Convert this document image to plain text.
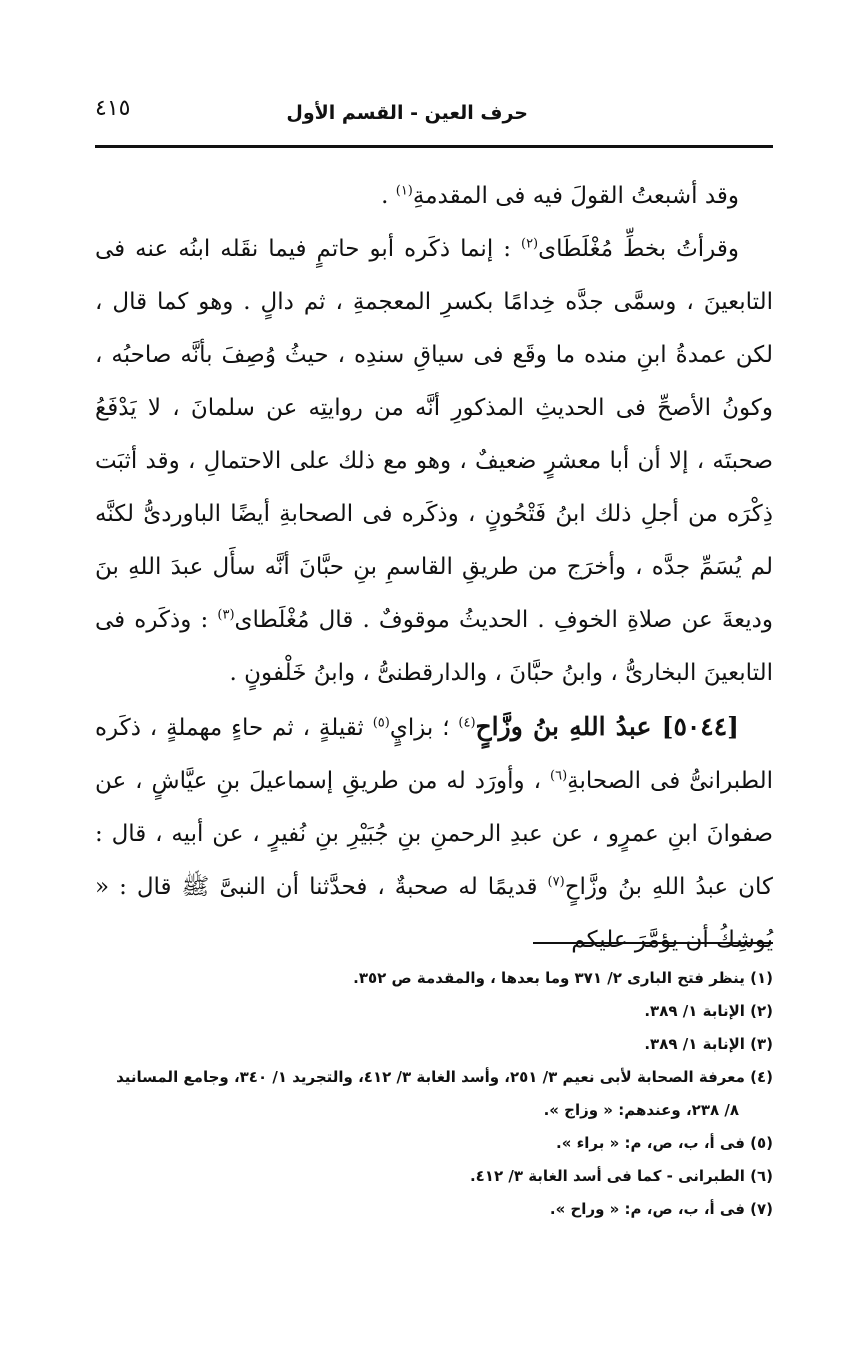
حرف العين - القسم الأول
٤١٥

وقد أشبعتُ القولَ فيه فى المقدمةِ$^{(١)}$ .

وقرأتُ بخطِّ مُغْلَطَاى$^{(٢)}$ : إنما ذكَره أبو حاتمٍ فيما نقَله ابنُه عنه فى التابعينَ ، وسمَّى جدَّه خِدامًا بكسرِ المعجمةِ ، ثم دالٍ . وهو كما قال ، لكن عمدةُ ابنِ منده ما وقَع فى سياقِ سندِه ، حيثُ وُصِفَ بأنَّه صاحبُه ، وكونُ الأصحِّ فى الحديثِ المذكورِ أنَّه من روايتِه عن سلمانَ ، لا يَدْفَعُ صحبتَه ، إلا أن أبا معشرٍ ضعيفٌ ، وهو مع ذلك على الاحتمالِ ، وقد أثبَت ذِكْرَه من أجلِ ذلك ابنُ فَتْحُونٍ ، وذكَره فى الصحابةِ أيضًا الباوردىُّ لكنَّه لم يُسَمِّ جدَّه ، وأخرَج من طريقِ القاسمِ بنِ حبَّانَ أنَّه سأَل عبدَ اللهِ بنَ وديعةَ عن صلاةِ الخوفِ . الحديثُ موقوفٌ . قال مُغْلَطاى$^{(٣)}$ : وذكَره فى التابعينَ البخارىُّ ، وابنُ حبَّانَ ، والدارقطنىُّ ، وابنُ خَلْفونٍ .

[٥٠٤٤] عبدُ اللهِ بنُ وزَّاحٍ$^{(٤)}$ ؛ بزايٍ$^{(٥)}$ ثقيلةٍ ، ثم حاءٍ مهملةٍ ، ذكَره الطبرانىُّ فى الصحابةِ$^{(٦)}$ ، وأورَد له من طريقِ إسماعيلَ بنِ عيَّاشٍ ، عن صفوانَ ابنِ عمرٍو ، عن عبدِ الرحمنِ بنِ جُبَيْرِ بنِ نُفيرٍ ، عن أبيه ، قال : كان عبدُ اللهِ بنُ وزَّاحٍ$^{(٧)}$ قديمًا له صحبةٌ ، فحدَّثنا أن النبىَّ ﷺ قال : « يُوشِكُ أن يؤمَّرَ عليكم

(١) ينظر فتح البارى ٢/ ٣٧١ وما بعدها ، والمقدمة ص ٣٥٢.

(٢) الإنابة ١/ ٣٨٩.

(٣) الإنابة ١/ ٣٨٩.

(٤) معرفة الصحابة لأبى نعيم ٣/ ٢٥١، وأسد الغابة ٣/ ٤١٢، والتجريد ١/ ٣٤٠، وجامع المسانيد

٨/ ٢٣٨، وعندهم: « وزاج ».

(٥) فى أ، ب، ص، م: « براء ».

(٦) الطبرانى - كما فى أسد الغابة ٣/ ٤١٢.

(٧) فى أ، ب، ص، م: « وراح ».
